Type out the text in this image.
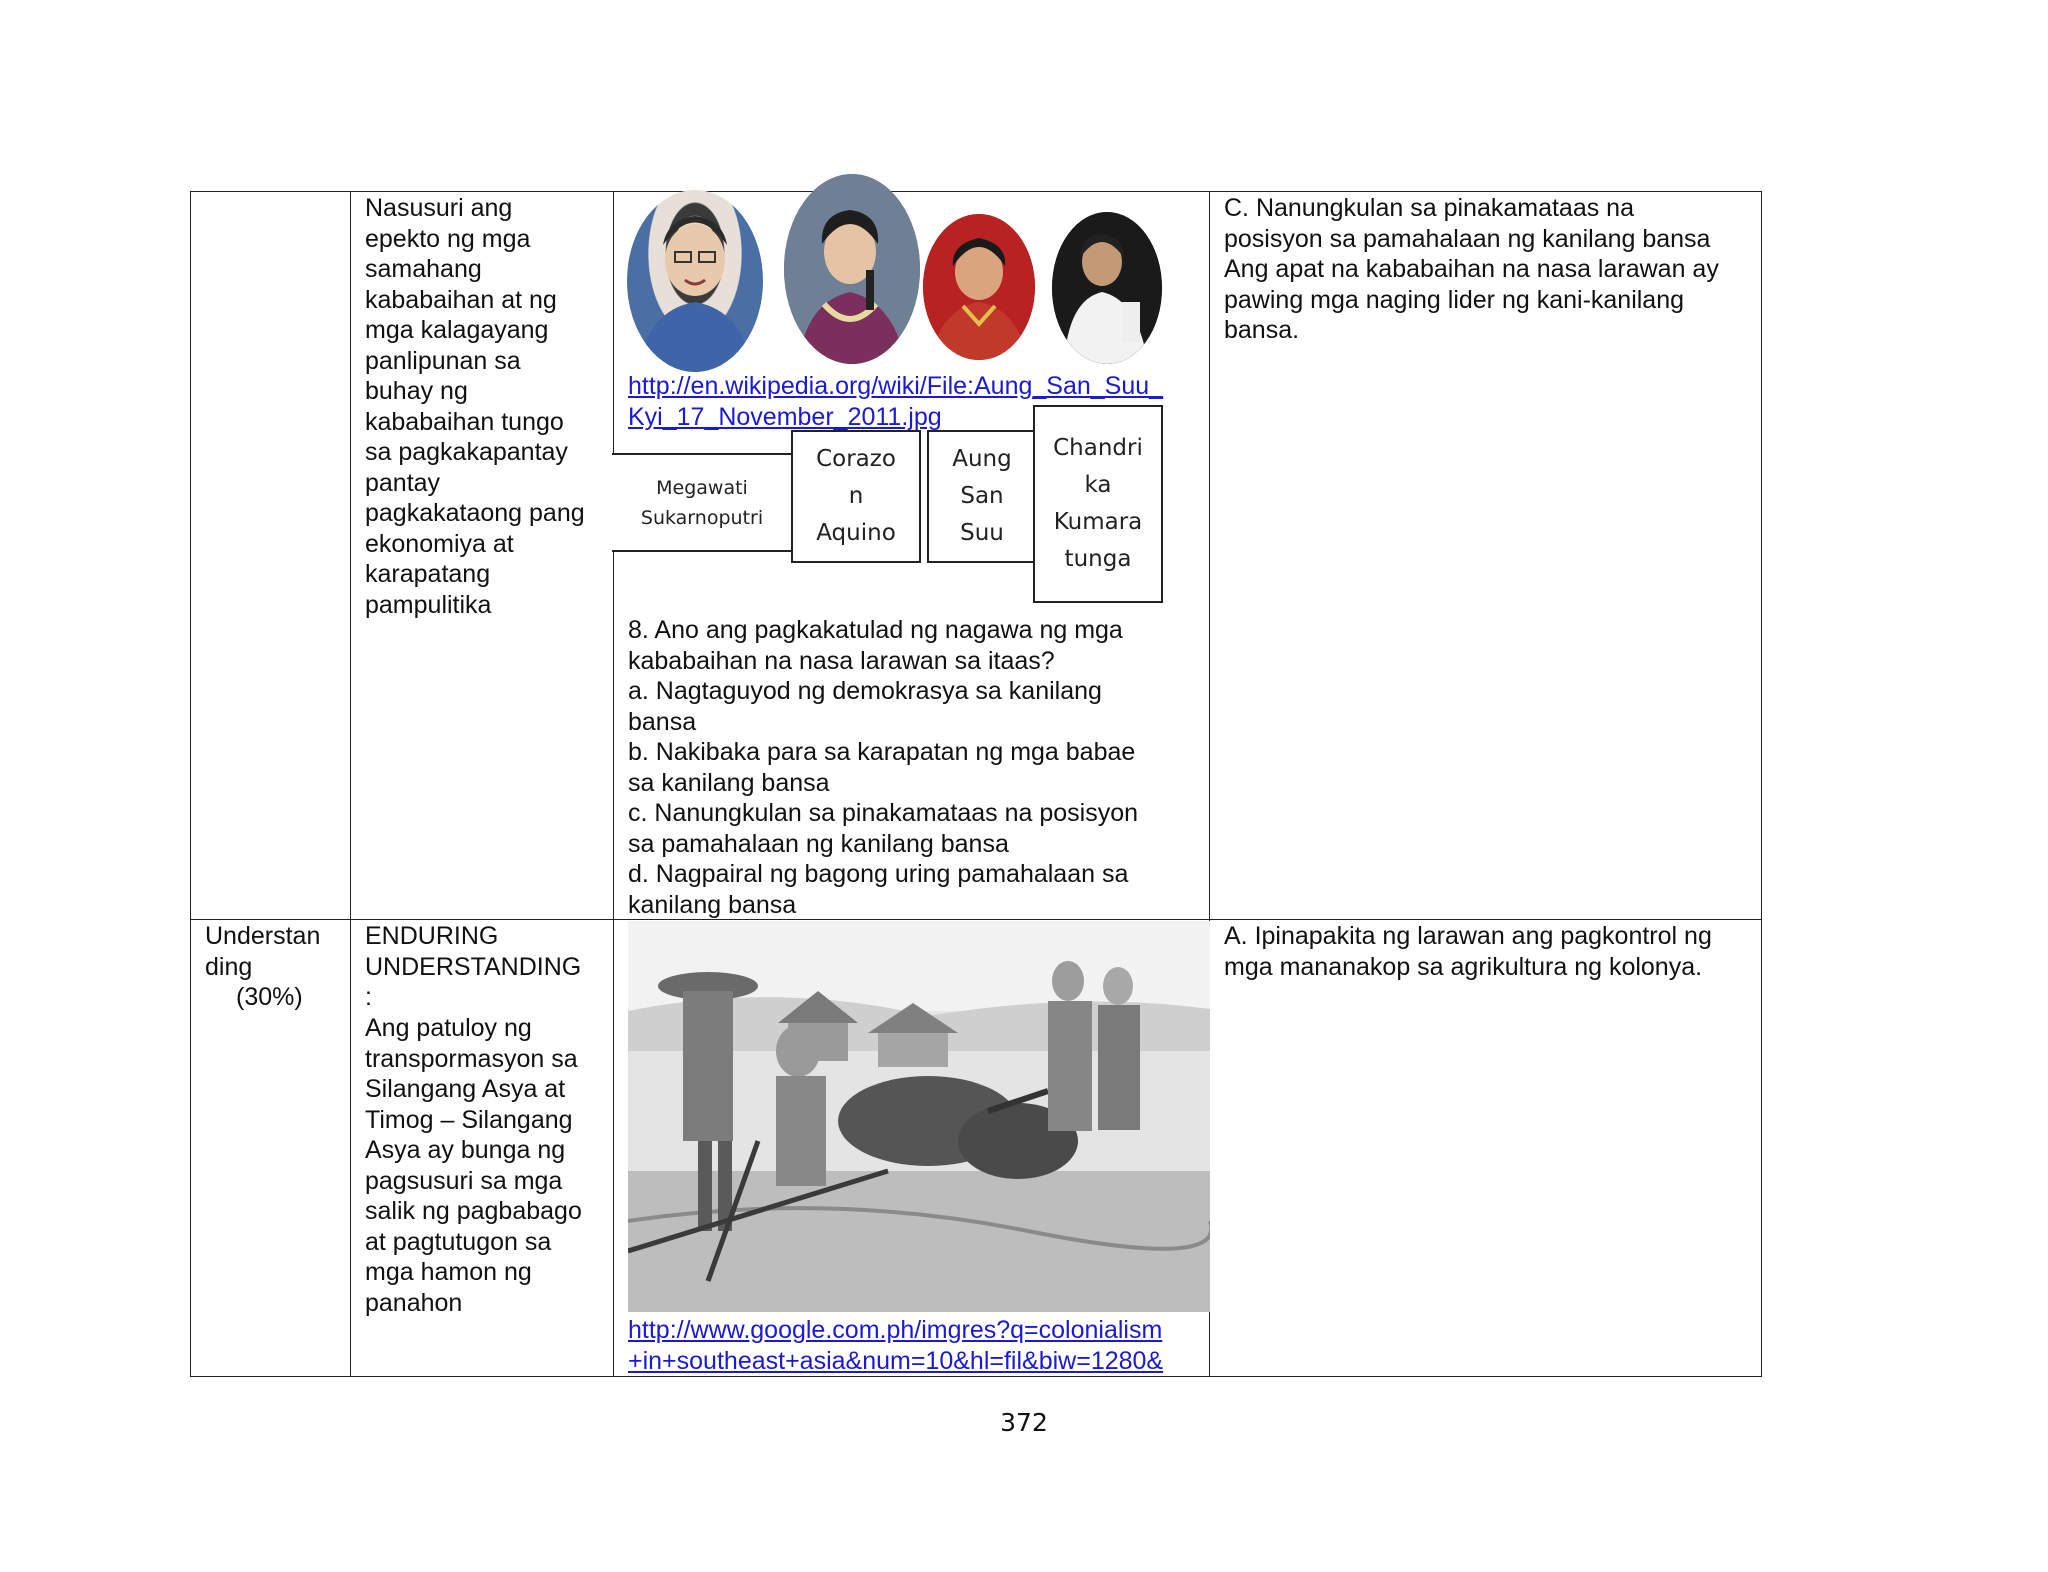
Nasusuri ang
epekto ng mga
samahang
kababaihan at ng
mga kalagayang
panlipunan sa
buhay ng
kababaihan tungo
sa pagkakapantay
pantay
pagkakataong pang
ekonomiya at
karapatang
pampulitika
http://en.wikipedia.org/wiki/File:Aung_San_Suu_
Kyi_17_November_2011.jpg
Megawati
Sukarnoputri
Corazo
n
Aquino
Aung
San
Suu
Chandri
ka
Kumara
tunga
8. Ano ang pagkakatulad ng nagawa ng mga
kababaihan na nasa larawan sa itaas?
a. Nagtaguyod ng demokrasya sa kanilang
bansa
b. Nakibaka para sa karapatan ng mga babae
sa kanilang bansa
c. Nanungkulan sa pinakamataas na posisyon
sa pamahalaan ng kanilang bansa
d. Nagpairal ng bagong uring pamahalaan sa
kanilang bansa
C. Nanungkulan sa pinakamataas na
posisyon sa pamahalaan ng kanilang bansa
Ang apat na kababaihan na nasa larawan ay
pawing mga naging lider ng kani-kanilang
bansa.
Understan
ding
(30%)
ENDURING
UNDERSTANDING
:
Ang patuloy ng
transpormasyon sa
Silangang Asya at
Timog – Silangang
Asya ay bunga ng
pagsusuri sa mga
salik ng pagbabago
at pagtutugon sa
mga hamon ng
panahon
http://www.google.com.ph/imgres?q=colonialism
+in+southeast+asia&num=10&hl=fil&biw=1280&
A. Ipinapakita ng larawan ang pagkontrol ng
mga mananakop sa agrikultura ng kolonya.
372
